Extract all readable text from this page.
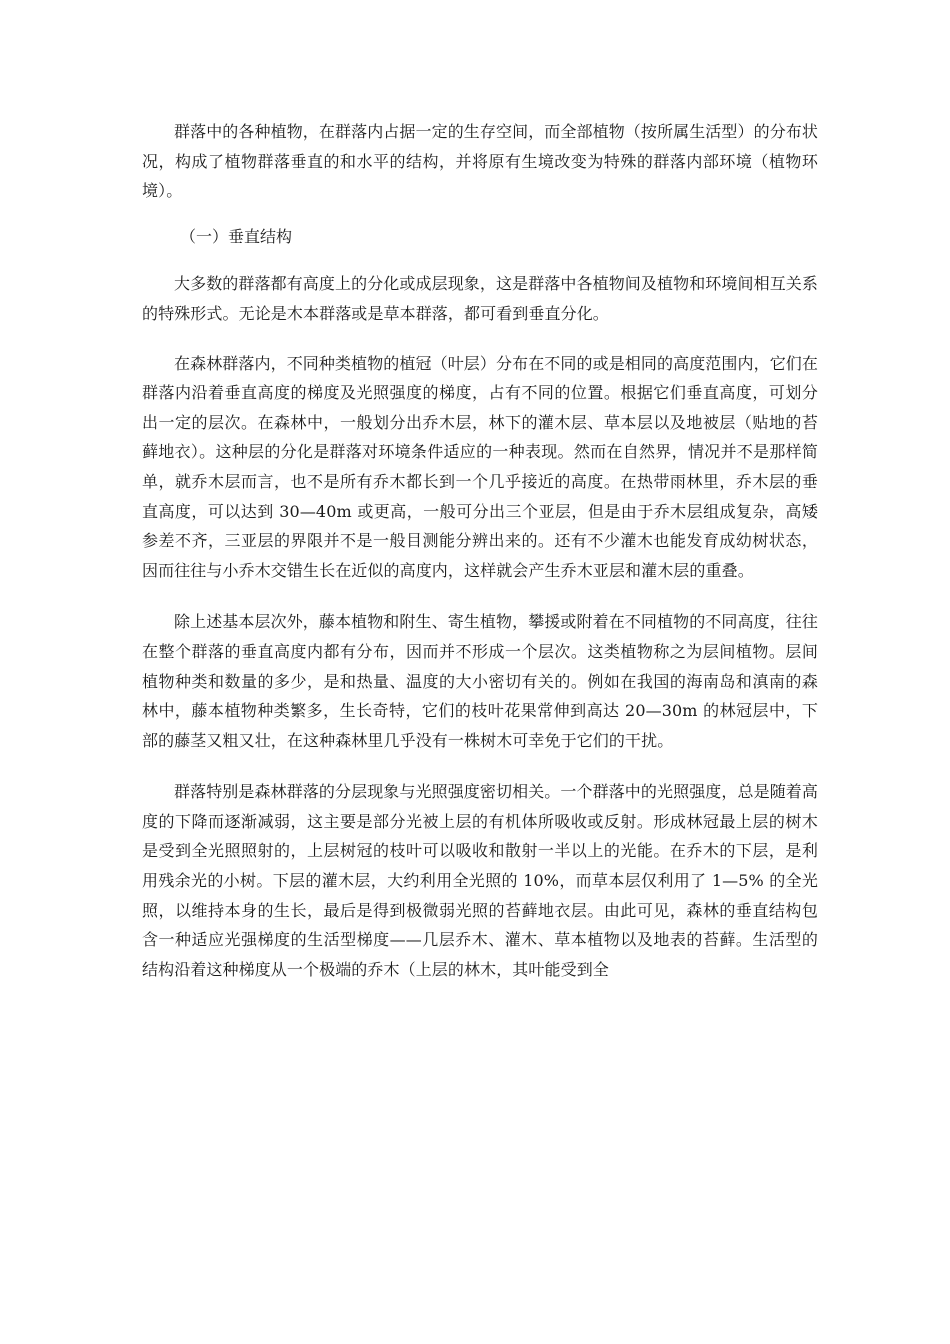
群落中的各种植物，在群落内占据一定的生存空间，而全部植物（按所属生活型）的分布状况，构成了植物群落垂直的和水平的结构，并将原有生境改变为特殊的群落内部环境（植物环境）。

（一）垂直结构

大多数的群落都有高度上的分化或成层现象，这是群落中各植物间及植物和环境间相互关系的特殊形式。无论是木本群落或是草本群落，都可看到垂直分化。

在森林群落内，不同种类植物的植冠（叶层）分布在不同的或是相同的高度范围内，它们在群落内沿着垂直高度的梯度及光照强度的梯度，占有不同的位置。根据它们垂直高度，可划分出一定的层次。在森林中，一般划分出乔木层，林下的灌木层、草本层以及地被层（贴地的苔藓地衣）。这种层的分化是群落对环境条件适应的一种表现。然而在自然界，情况并不是那样简单，就乔木层而言，也不是所有乔木都长到一个几乎接近的高度。在热带雨林里，乔木层的垂直高度，可以达到 30—40m 或更高，一般可分出三个亚层，但是由于乔木层组成复杂，高矮参差不齐，三亚层的界限并不是一般目测能分辨出来的。还有不少灌木也能发育成幼树状态，因而往往与小乔木交错生长在近似的高度内，这样就会产生乔木亚层和灌木层的重叠。

除上述基本层次外，藤本植物和附生、寄生植物，攀援或附着在不同植物的不同高度，往往在整个群落的垂直高度内都有分布，因而并不形成一个层次。这类植物称之为层间植物。层间植物种类和数量的多少，是和热量、温度的大小密切有关的。例如在我国的海南岛和滇南的森林中，藤本植物种类繁多，生长奇特，它们的枝叶花果常伸到高达 20—30m 的林冠层中，下部的藤茎又粗又壮，在这种森林里几乎没有一株树木可幸免于它们的干扰。

群落特别是森林群落的分层现象与光照强度密切相关。一个群落中的光照强度，总是随着高度的下降而逐渐减弱，这主要是部分光被上层的有机体所吸收或反射。形成林冠最上层的树木是受到全光照照射的，上层树冠的枝叶可以吸收和散射一半以上的光能。在乔木的下层，是利用残余光的小树。下层的灌木层，大约利用全光照的 10%，而草本层仅利用了 1—5% 的全光照，以维持本身的生长，最后是得到极微弱光照的苔藓地衣层。由此可见，森林的垂直结构包含一种适应光强梯度的生活型梯度——几层乔木、灌木、草本植物以及地表的苔藓。生活型的结构沿着这种梯度从一个极端的乔木（上层的林木，其叶能受到全
